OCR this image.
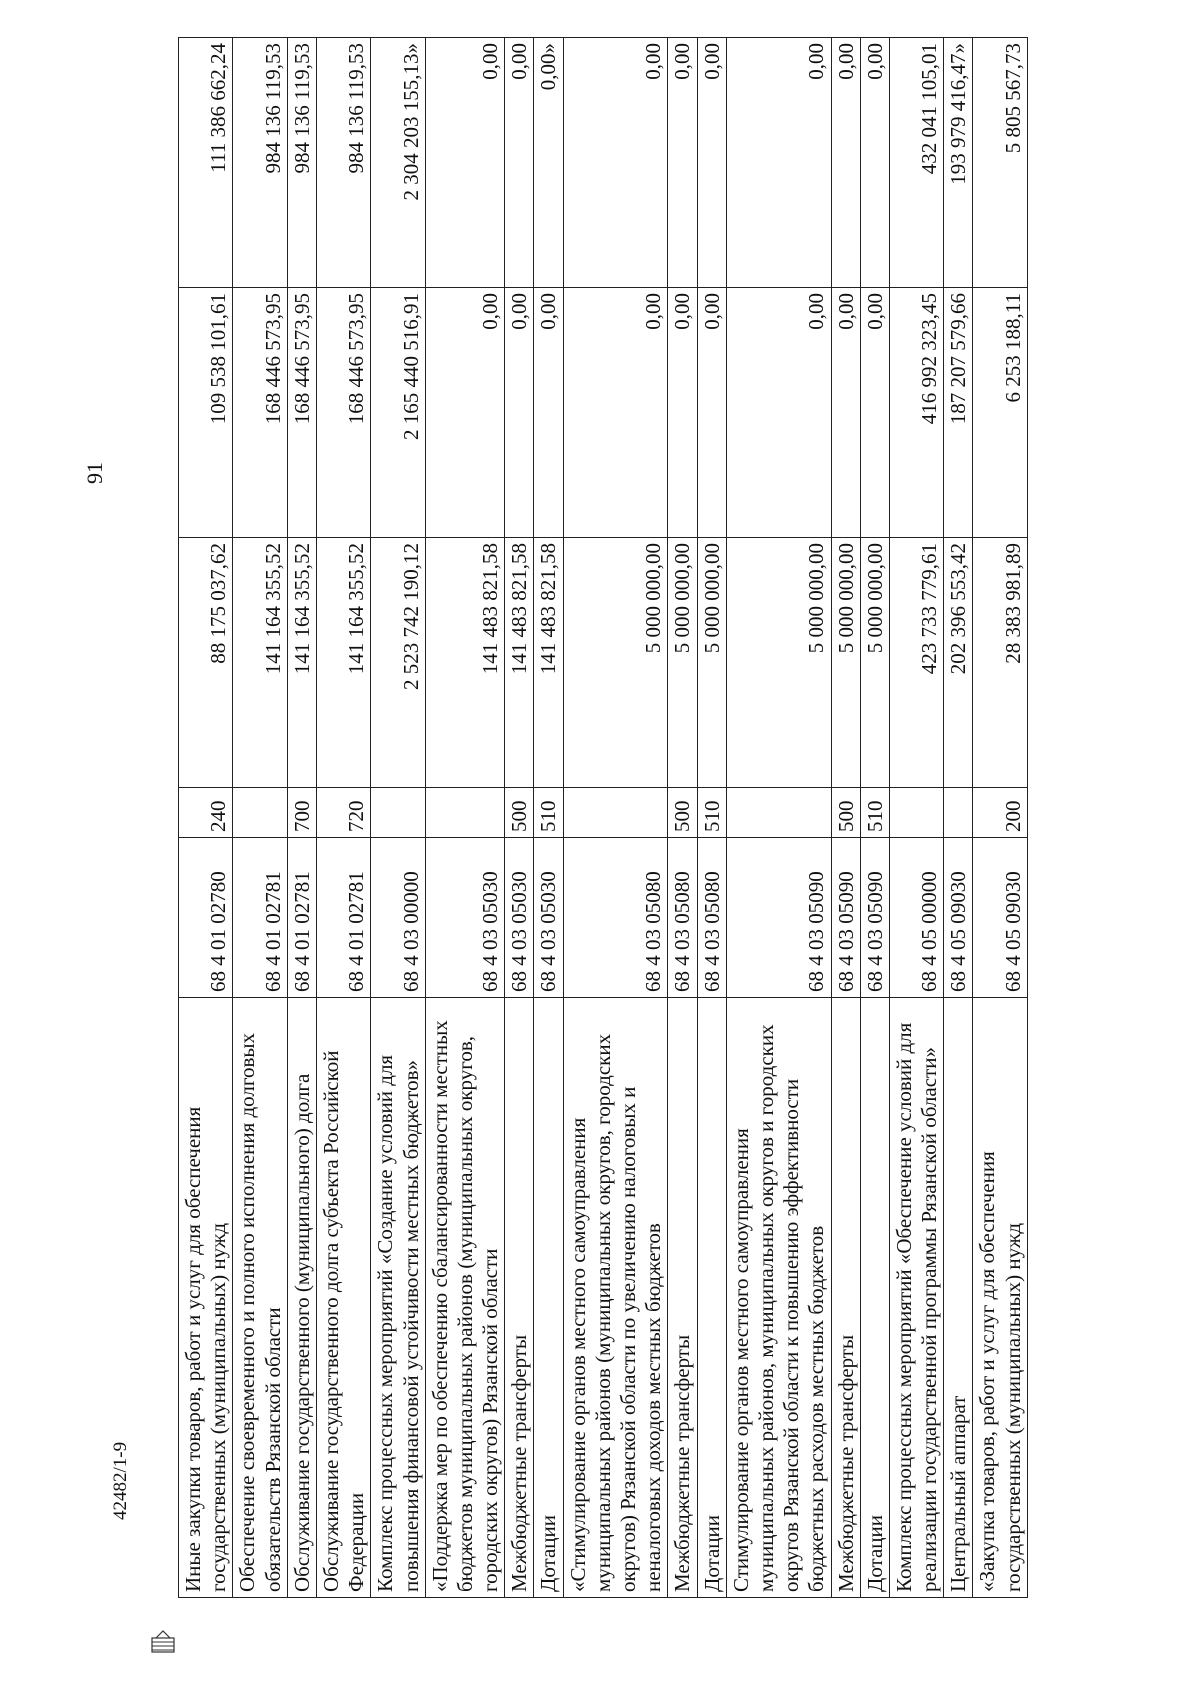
91
Иные закупки товаров, работ и услуг для обеспечения государственных (муниципальных) нужд	68 4 01 02780	240	88 175 037,62	109 538 101,61	111 386 662,24
Обеспечение своевременного и полного исполнения долговых обязательств Рязанской области	68 4 01 02781		141 164 355,52	168 446 573,95	984 136 119,53
Обслуживание государственного (муниципального) долга	68 4 01 02781	700	141 164 355,52	168 446 573,95	984 136 119,53
Обслуживание государственного долга субъекта Российской Федерации	68 4 01 02781	720	141 164 355,52	168 446 573,95	984 136 119,53
Комплекс процессных мероприятий «Создание условий для повышения финансовой устойчивости местных бюджетов»	68 4 03 00000		2 523 742 190,12	2 165 440 516,91	2 304 203 155,13»
«Поддержка мер по обеспечению сбалансированности местных бюджетов муниципальных районов (муниципальных округов, городских округов) Рязанской области	68 4 03 05030		141 483 821,58	0,00	0,00
Межбюджетные трансферты	68 4 03 05030	500	141 483 821,58	0,00	0,00
Дотации	68 4 03 05030	510	141 483 821,58	0,00	0,00»
«Стимулирование органов местного самоуправления муниципальных районов (муниципальных округов, городских округов) Рязанской области по увеличению налоговых и неналоговых доходов местных бюджетов	68 4 03 05080		5 000 000,00	0,00	0,00
Межбюджетные трансферты	68 4 03 05080	500	5 000 000,00	0,00	0,00
Дотации	68 4 03 05080	510	5 000 000,00	0,00	0,00
Стимулирование органов местного самоуправления муниципальных районов, муниципальных округов и городских округов Рязанской области к повышению эффективности бюджетных расходов местных бюджетов	68 4 03 05090		5 000 000,00	0,00	0,00
Межбюджетные трансферты	68 4 03 05090	500	5 000 000,00	0,00	0,00
Дотации	68 4 03 05090	510	5 000 000,00	0,00	0,00
Комплекс процессных мероприятий «Обеспечение условий для реализации государственной программы Рязанской области»	68 4 05 00000		423 733 779,61	416 992 323,45	432 041 105,01
Центральный аппарат	68 4 05 09030		202 396 553,42	187 207 579,66	193 979 416,47»
«Закупка товаров, работ и услуг для обеспечения государственных (муниципальных) нужд	68 4 05 09030	200	28 383 981,89	6 253 188,11	5 805 567,73
42482/1-9
